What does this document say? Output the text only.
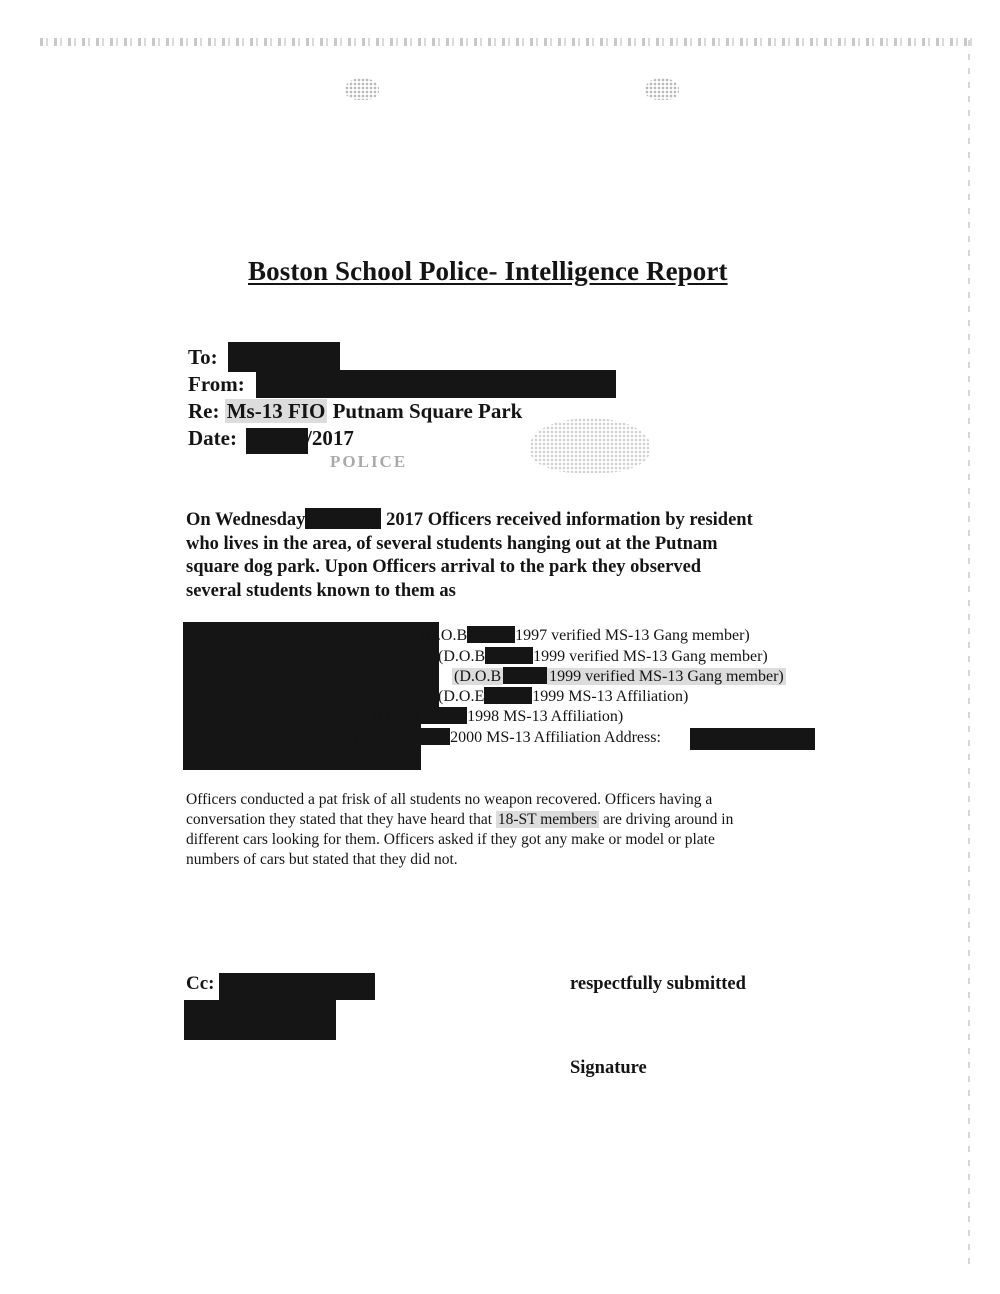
Boston School Police- Intelligence Report
To:
From:
Re: Ms-13 FIO Putnam Square Park
Date:	/2017
POLICE
On Wednesday	2017 Officers received information by resident
who lives in the area, of several students hanging out at the Putnam
square dog park. Upon Officers arrival to the park they observed
several students known to them as
(D.O.B	1997 verified MS-13 Gang member)
(D.O.B	1999 verified MS-13 Gang member)
(D.O.B	1999 verified MS-13 Gang member)
(D.O.E	1999 MS-13 Affiliation)
(D.O.B	1998 MS-13 Affiliation)
(D.O.B	2000 MS-13 Affiliation Address:
Officers conducted a pat frisk of all students no weapon recovered. Officers having a
conversation they stated that they have heard that 18-ST members are driving around in
different cars looking for them. Officers asked if they got any make or model or plate
numbers of cars but stated that they did not.
Cc:	respectfully submitted
Signature
